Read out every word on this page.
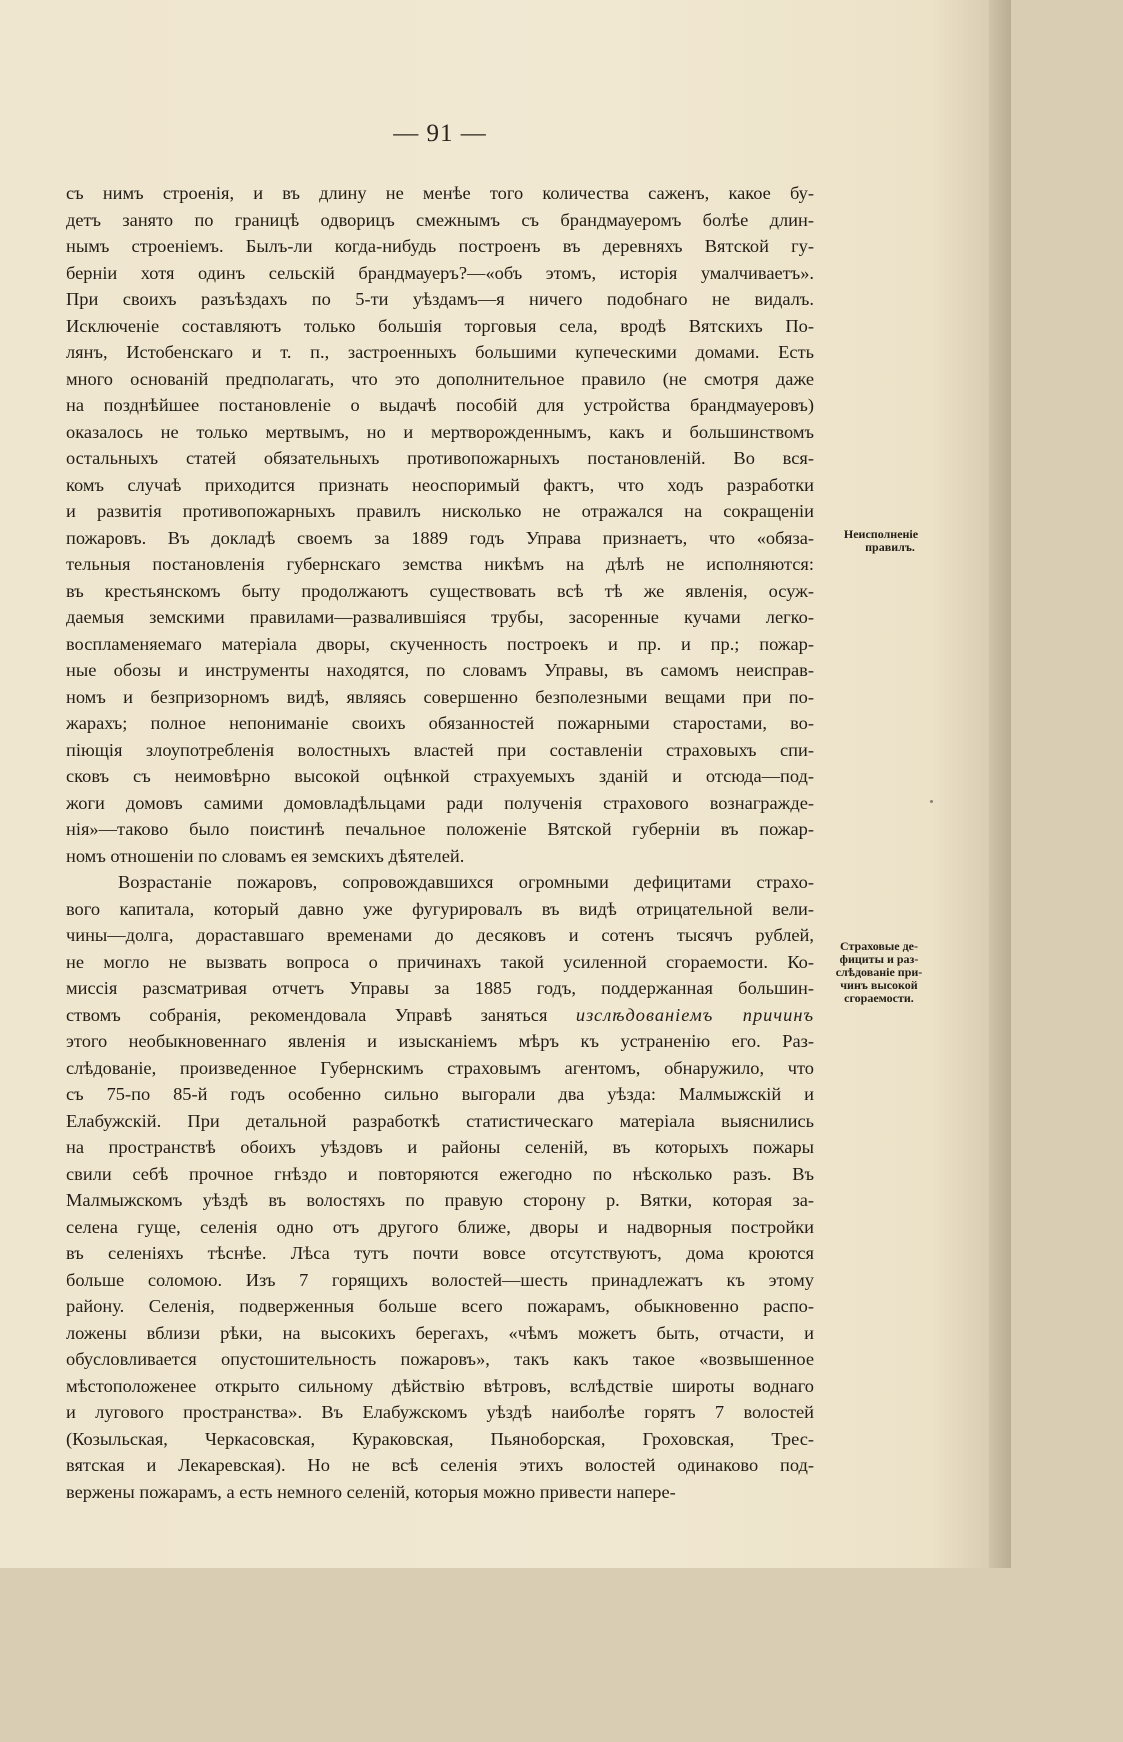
— 91 —
съ нимъ строенія, и въ длину не менѣе того количества саженъ, какое бу-
детъ занято по границѣ одворицъ смежнымъ съ брандмауеромъ болѣе длин-
нымъ строеніемъ. Былъ-ли когда-нибудь построенъ въ деревняхъ Вятской гу-
берніи хотя одинъ сельскій брандмауеръ?—«объ этомъ, исторія умалчиваетъ».
При своихъ разъѣздахъ по 5-ти уѣздамъ—я ничего подобнаго не видалъ.
Исключеніе составляютъ только большія торговыя села, вродѣ Вятскихъ По-
лянъ, Истобенскаго и т. п., застроенныхъ большими купеческими домами. Есть
много основаній предполагать, что это дополнительное правило (не смотря даже
на позднѣйшее постановленіе о выдачѣ пособій для устройства брандмауеровъ)
оказалось не только мертвымъ, но и мертворожденнымъ, какъ и большинствомъ
остальныхъ статей обязательныхъ противопожарныхъ постановленій. Во вся-
комъ случаѣ приходится признать неоспоримый фактъ, что ходъ разработки
и развитія противопожарныхъ правилъ нисколько не отражался на сокращеніи
пожаровъ. Въ докладѣ своемъ за 1889 годъ Управа признаетъ, что «обяза-
тельныя постановленія губернскаго земства никѣмъ на дѣлѣ не исполняются:
въ крестьянскомъ быту продолжаютъ существовать всѣ тѣ же явленія, осуж-
даемыя земскими правилами—развалившіяся трубы, засоренные кучами легко-
воспламеняемаго матеріала дворы, скученность построекъ и пр. и пр.; пожар-
ные обозы и инструменты находятся, по словамъ Управы, въ самомъ неисправ-
номъ и безпризорномъ видѣ, являясь совершенно безполезными вещами при по-
жарахъ; полное непониманіе своихъ обязанностей пожарными старостами, во-
піющія злоупотребленія волостныхъ властей при составленіи страховыхъ спи-
сковъ съ неимовѣрно высокой оцѣнкой страхуемыхъ зданій и отсюда—под-
жоги домовъ самими домовладѣльцами ради полученія страхового вознагражде-
нія»—таково было поистинѣ печальное положеніе Вятской губерніи въ пожар-
номъ отношеніи по словамъ ея земскихъ дѣятелей.
Возрастаніе пожаровъ, сопровождавшихся огромными дефицитами страхо-
вого капитала, который давно уже фугурировалъ въ видѣ отрицательной вели-
чины—долга, дораставшаго временами до десяковъ и сотенъ тысячъ рублей,
не могло не вызвать вопроса о причинахъ такой усиленной сгораемости. Ко-
миссія разсматривая отчетъ Управы за 1885 годъ, поддержанная большин-
ствомъ собранія, рекомендовала Управѣ заняться изслѣдованіемъ причинъ
этого необыкновеннаго явленія и изысканіемъ мѣръ къ устраненію его. Раз-
слѣдованіе, произведенное Губернскимъ страховымъ агентомъ, обнаружило, что
съ 75-по 85-й годъ особенно сильно выгорали два уѣзда: Малмыжскій и
Елабужскій. При детальной разработкѣ статистическаго матеріала выяснились
на пространствѣ обоихъ уѣздовъ и районы селеній, въ которыхъ пожары
свили себѣ прочное гнѣздо и повторяются ежегодно по нѣсколько разъ. Въ
Малмыжскомъ уѣздѣ въ волостяхъ по правую сторону р. Вятки, которая за-
селена гуще, селенія одно отъ другого ближе, дворы и надворныя постройки
въ селеніяхъ тѣснѣе. Лѣса тутъ почти вовсе отсутствуютъ, дома кроются
больше соломою. Изъ 7 горящихъ волостей—шесть принадлежатъ къ этому
району. Селенія, подверженныя больше всего пожарамъ, обыкновенно распо-
ложены вблизи рѣки, на высокихъ берегахъ, «чѣмъ можетъ быть, отчасти, и
обусловливается опустошительность пожаровъ», такъ какъ такое «возвышенное
мѣстоположенее открыто сильному дѣйствію вѣтровъ, вслѣдствіе широты воднаго
и лугового пространства». Въ Елабужскомъ уѣздѣ наиболѣе горятъ 7 волостей
(Козыльская, Черкасовская, Кураковская, Пьяноборская, Гроховская, Трес-
вятская и Лекаревская). Но не всѣ селенія этихъ волостей одинаково под-
вержены пожарамъ, а есть немного селеній, которыя можно привести напере-
Неисполненіе
правилъ.
Страховые де-
фициты и раз-
слѣдованіе при-
чинъ высокой
сгораемости.
